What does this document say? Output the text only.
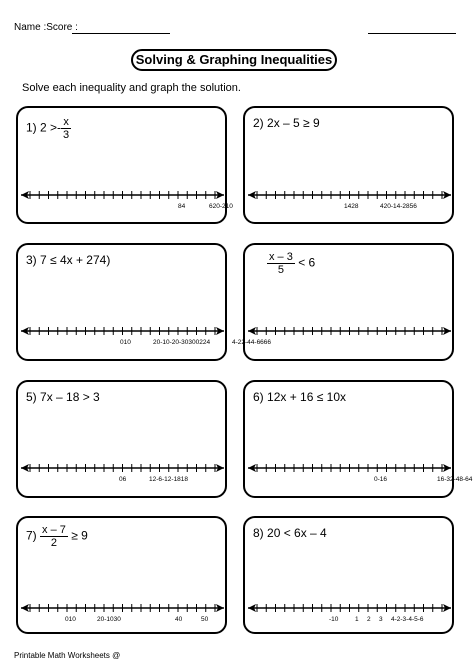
Name :Score :
Solving & Graphing Inequalities
Solve each inequality and graph the solution.
1) $2 >- \frac{x}{3}$
84	620-210
2) 2x – 5 ≥ 9
1428	420-14-2856
3) 7 ≤ 4x + 274)
010	20-10-20-30300224
$\frac{x - 3}{5} < 6$
4-22-44-6666
5) 7x – 18 > 3
06	12-6-12-1818
6) 12x + 16 ≤ 10x
0-16	16-32-48-64
$7) \frac{x - 7}{2} \ge 9$
010	20-1030	40	50
8) 20 < 6x – 4
-10	1 2 3 4-2-3-4-5-6
Printable Math Worksheets @
